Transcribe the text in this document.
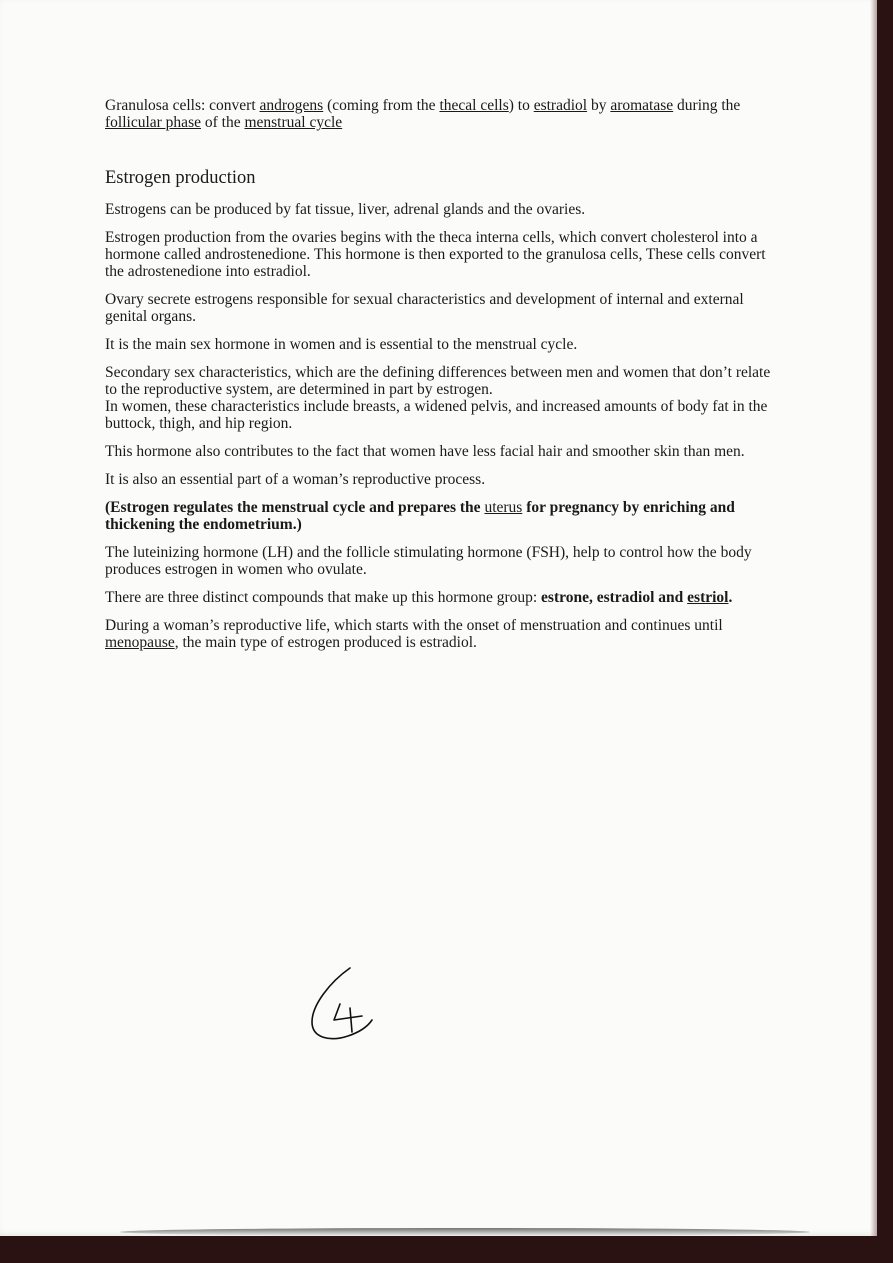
Granulosa cells: convert androgens (coming from the thecal cells) to estradiol by aromatase during the follicular phase of the menstrual cycle

Estrogen production

Estrogens can be produced by fat tissue, liver, adrenal glands and the ovaries.

Estrogen production from the ovaries begins with the theca interna cells, which convert cholesterol into a hormone called androstenedione. This hormone is then exported to the granulosa cells, These cells convert the adrostenedione into estradiol.

Ovary secrete estrogens responsible for sexual characteristics and development of internal and external genital organs.

It is the main sex hormone in women and is essential to the menstrual cycle.

Secondary sex characteristics, which are the defining differences between men and women that don’t relate to the reproductive system, are determined in part by estrogen.
In women, these characteristics include breasts, a widened pelvis, and increased amounts of body fat in the buttock, thigh, and hip region.

This hormone also contributes to the fact that women have less facial hair and smoother skin than men.

It is also an essential part of a woman’s reproductive process.

(Estrogen regulates the menstrual cycle and prepares the uterus for pregnancy by enriching and thickening the endometrium.)

The luteinizing hormone (LH) and the follicle stimulating hormone (FSH), help to control how the body produces estrogen in women who ovulate.

There are three distinct compounds that make up this hormone group: estrone, estradiol and estriol.

During a woman’s reproductive life, which starts with the onset of menstruation and continues until menopause, the main type of estrogen produced is estradiol.
